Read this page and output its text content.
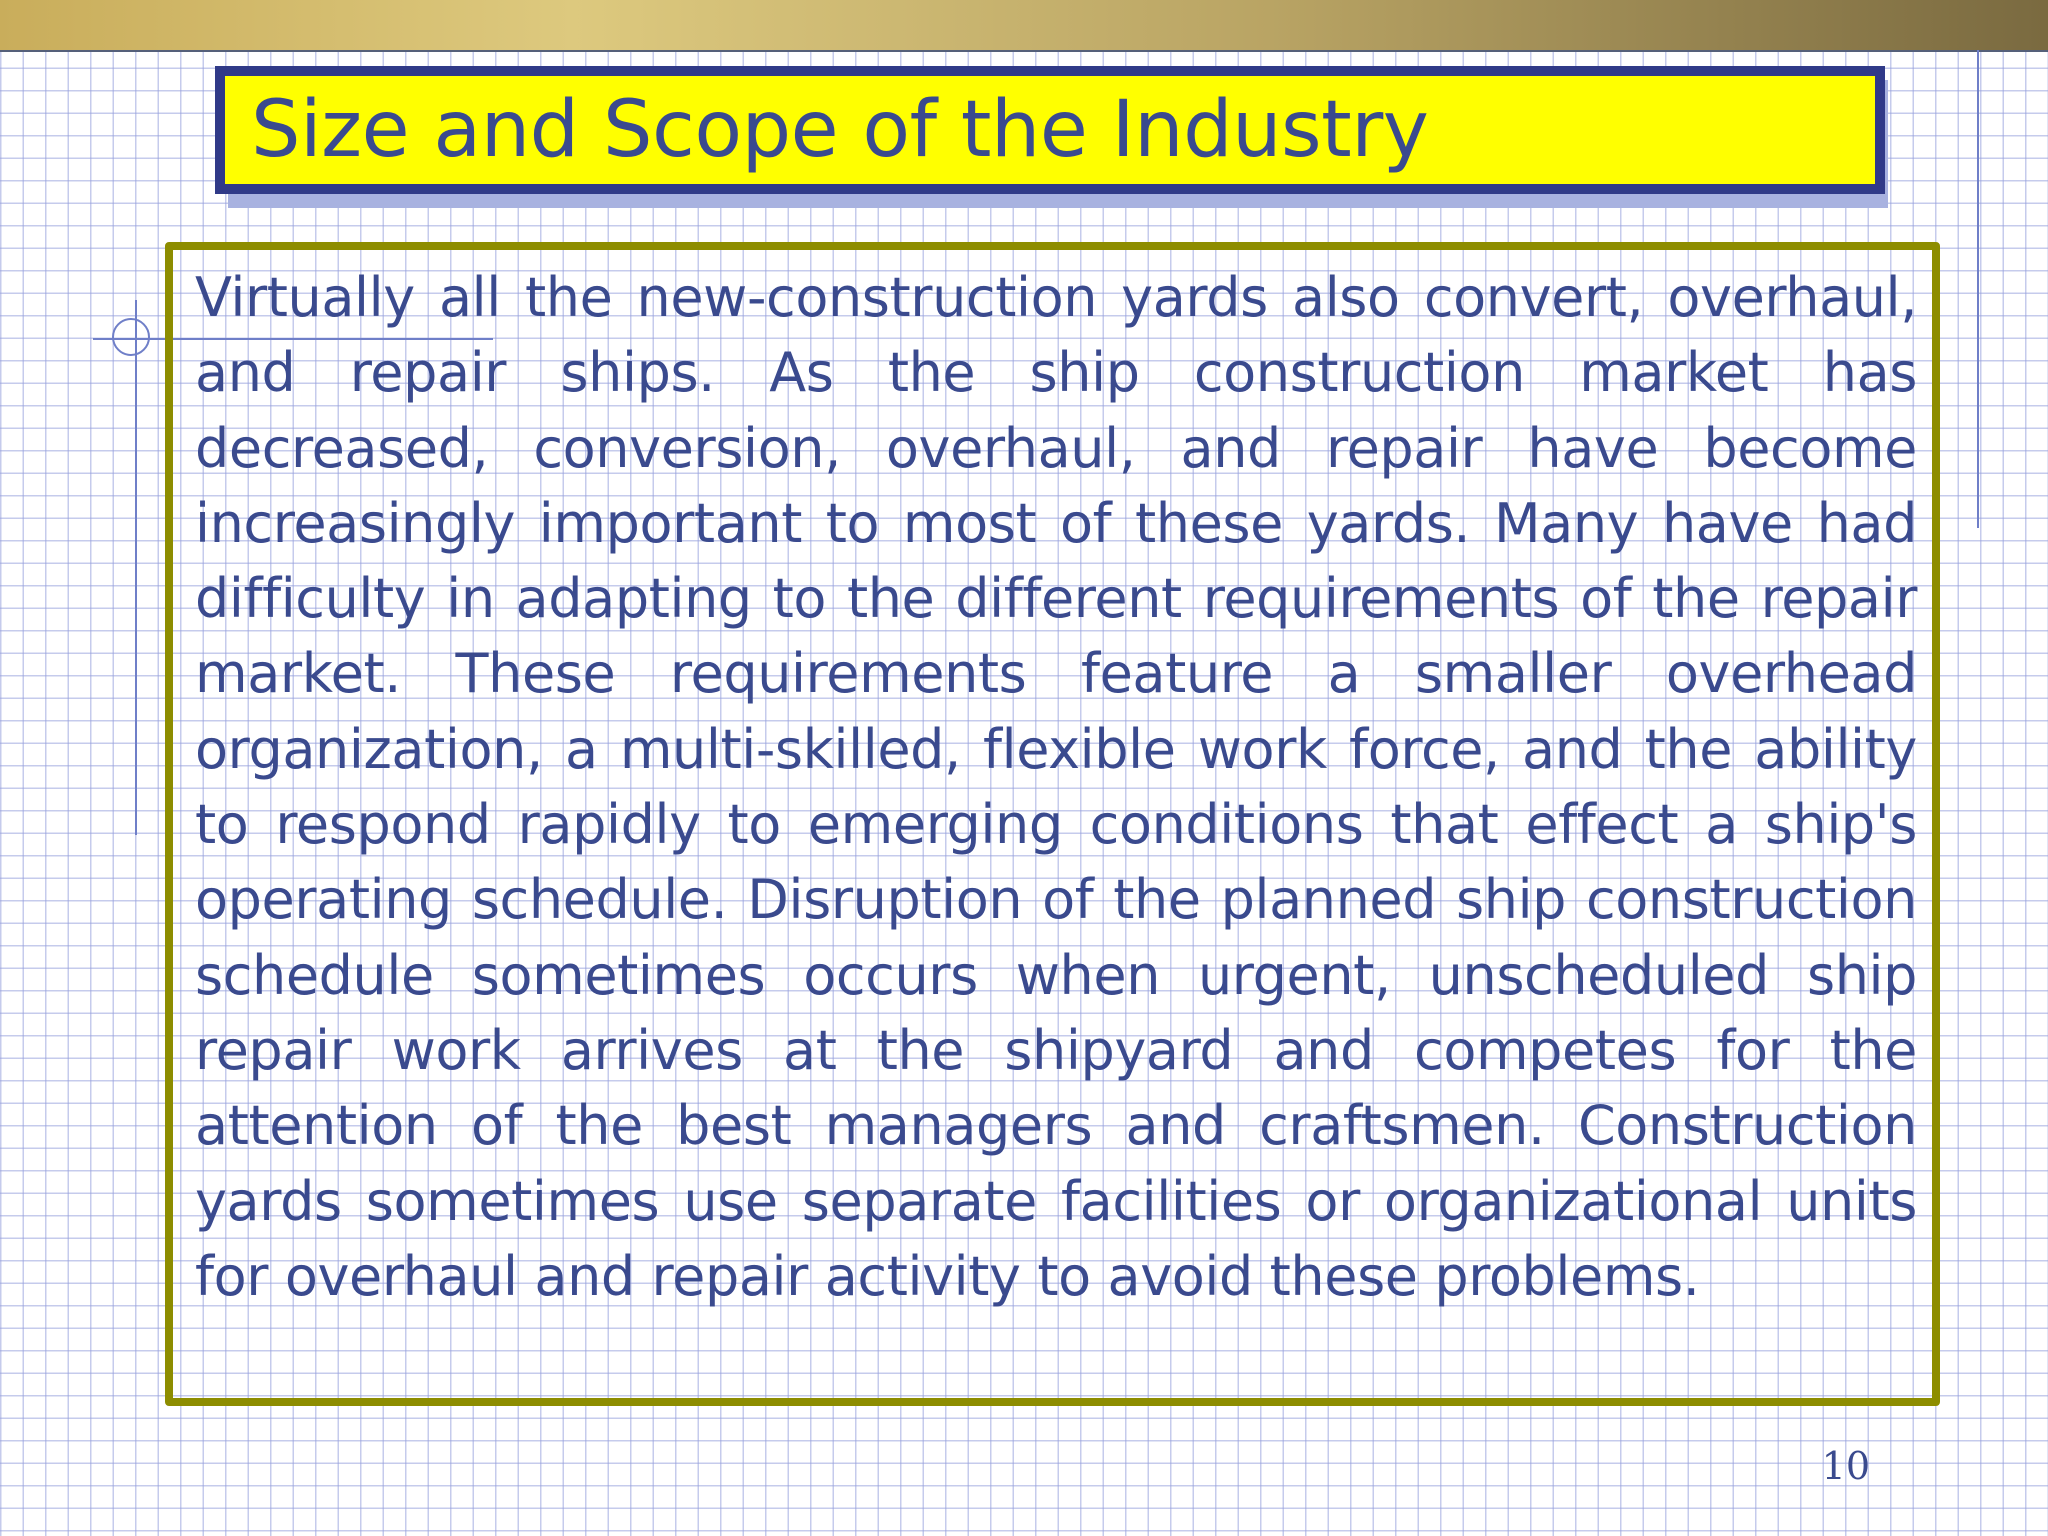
Size and Scope of the Industry

Virtually all the new-construction yards also convert, overhaul, and repair ships. As the ship construction market has decreased, conversion, overhaul, and repair have become increasingly important to most of these yards. Many have had difficulty in adapting to the different requirements of the repair market. These requirements feature a smaller overhead organization, a multi-skilled, flexible work force, and the ability to respond rapidly to emerging conditions that effect a ship's operating schedule. Disruption of the planned ship construction schedule sometimes occurs when urgent, unscheduled ship repair work arrives at the shipyard and competes for the attention of the best managers and craftsmen. Construction yards sometimes use separate facilities or organizational units for overhaul and repair activity to avoid these problems.

10
